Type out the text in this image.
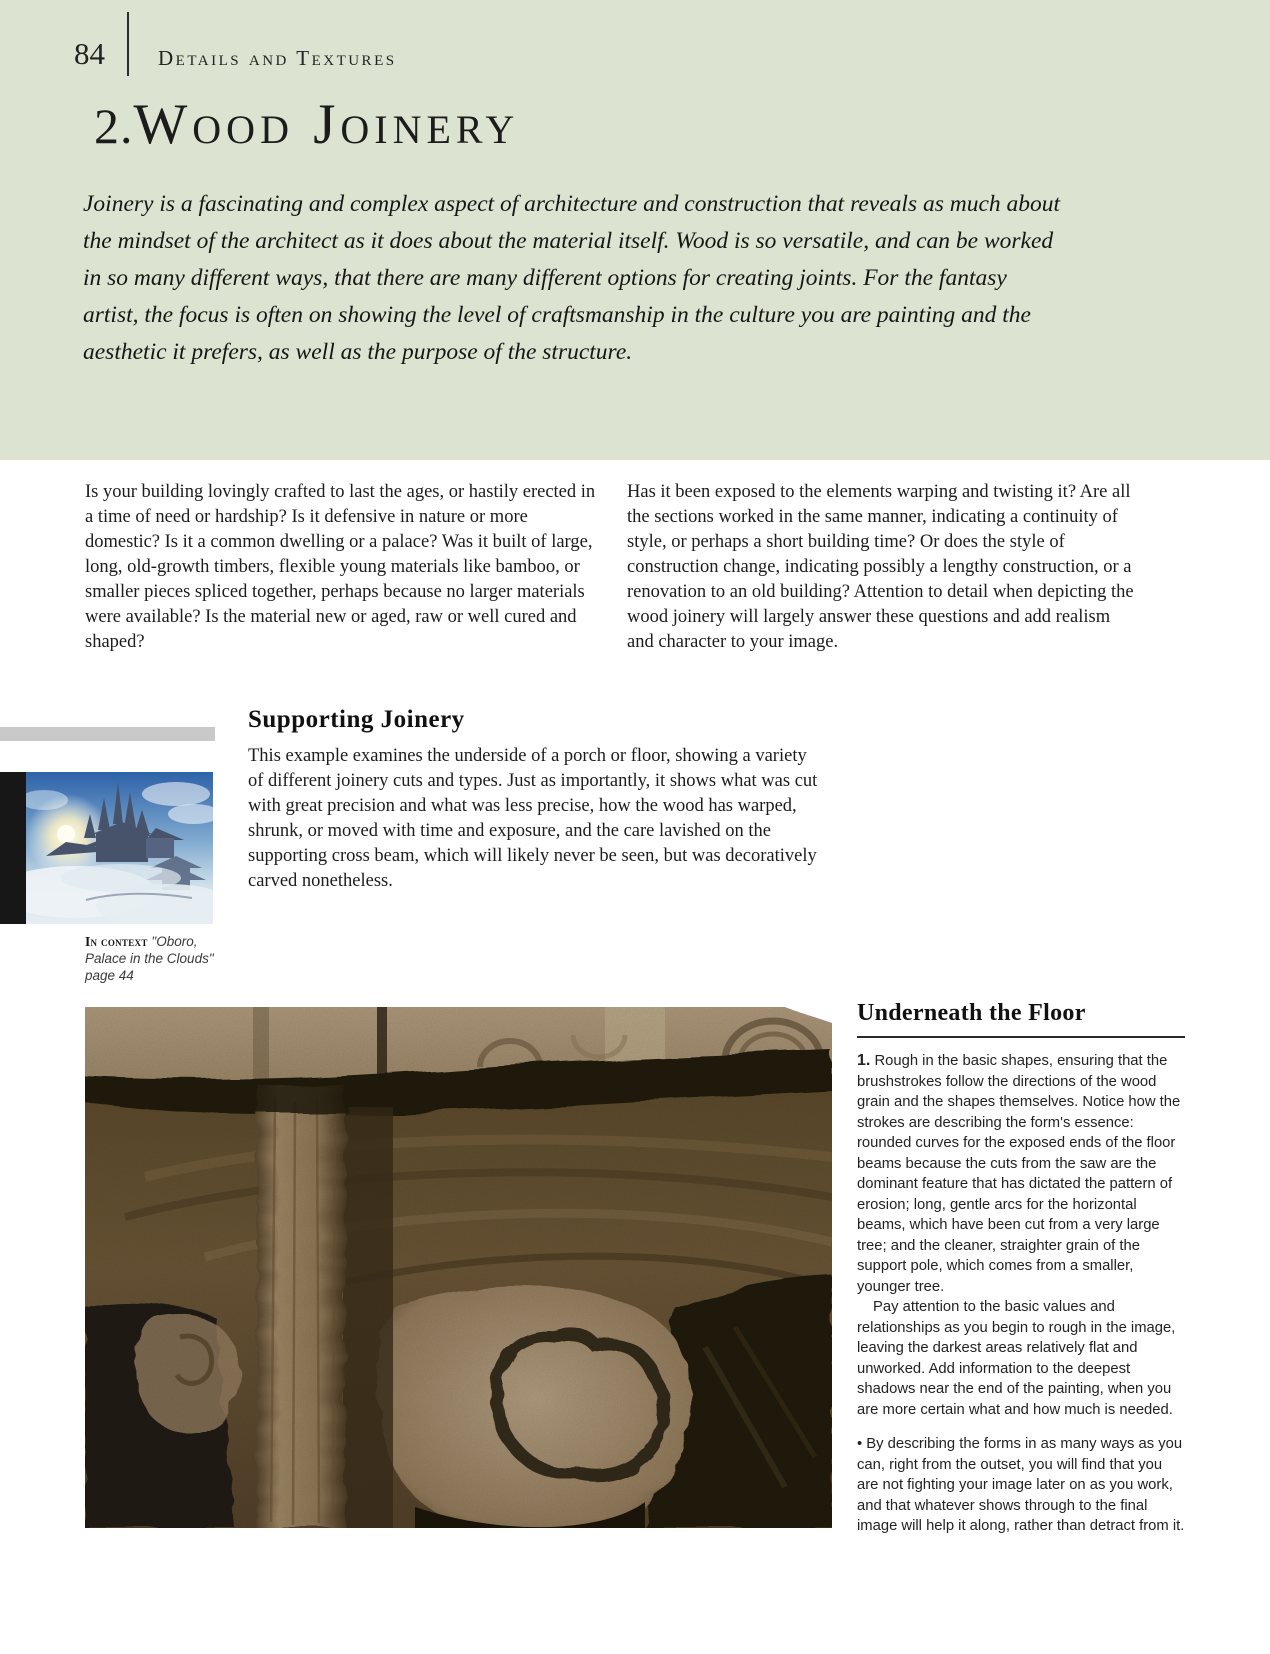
84	Details and Textures
2.Wood Joinery
Joinery is a fascinating and complex aspect of architecture and construction that reveals as much about the mindset of the architect as it does about the material itself. Wood is so versatile, and can be worked in so many different ways, that there are many different options for creating joints. For the fantasy artist, the focus is often on showing the level of craftsmanship in the culture you are painting and the aesthetic it prefers, as well as the purpose of the structure.
Is your building lovingly crafted to last the ages, or hastily erected in a time of need or hardship? Is it defensive in nature or more domestic? Is it a common dwelling or a palace? Was it built of large, long, old-growth timbers, flexible young materials like bamboo, or smaller pieces spliced together, perhaps because no larger materials were available? Is the material new or aged, raw or well cured and shaped?
Has it been exposed to the elements warping and twisting it? Are all the sections worked in the same manner, indicating a continuity of style, or perhaps a short building time? Or does the style of construction change, indicating possibly a lengthy construction, or a renovation to an old building? Attention to detail when depicting the wood joinery will largely answer these questions and add realism and character to your image.
Supporting Joinery
This example examines the underside of a porch or floor, showing a variety of different joinery cuts and types. Just as importantly, it shows what was cut with great precision and what was less precise, how the wood has warped, shrunk, or moved with time and exposure, and the care lavished on the supporting cross beam, which will likely never be seen, but was decoratively carved nonetheless.
In context "Oboro, Palace in the Clouds"
page 44
Underneath the Floor

1. Rough in the basic shapes, ensuring that the brushstrokes follow the directions of the wood grain and the shapes themselves. Notice how the strokes are describing the form's essence: rounded curves for the exposed ends of the floor beams because the cuts from the saw are the dominant feature that has dictated the pattern of erosion; long, gentle arcs for the horizontal beams, which have been cut from a very large tree; and the cleaner, straighter grain of the support pole, which comes from a smaller, younger tree.

Pay attention to the basic values and relationships as you begin to rough in the image, leaving the darkest areas relatively flat and unworked. Add information to the deepest shadows near the end of the painting, when you are more certain what and how much is needed.

• By describing the forms in as many ways as you can, right from the outset, you will find that you are not fighting your image later on as you work, and that whatever shows through to the final image will help it along, rather than detract from it.
